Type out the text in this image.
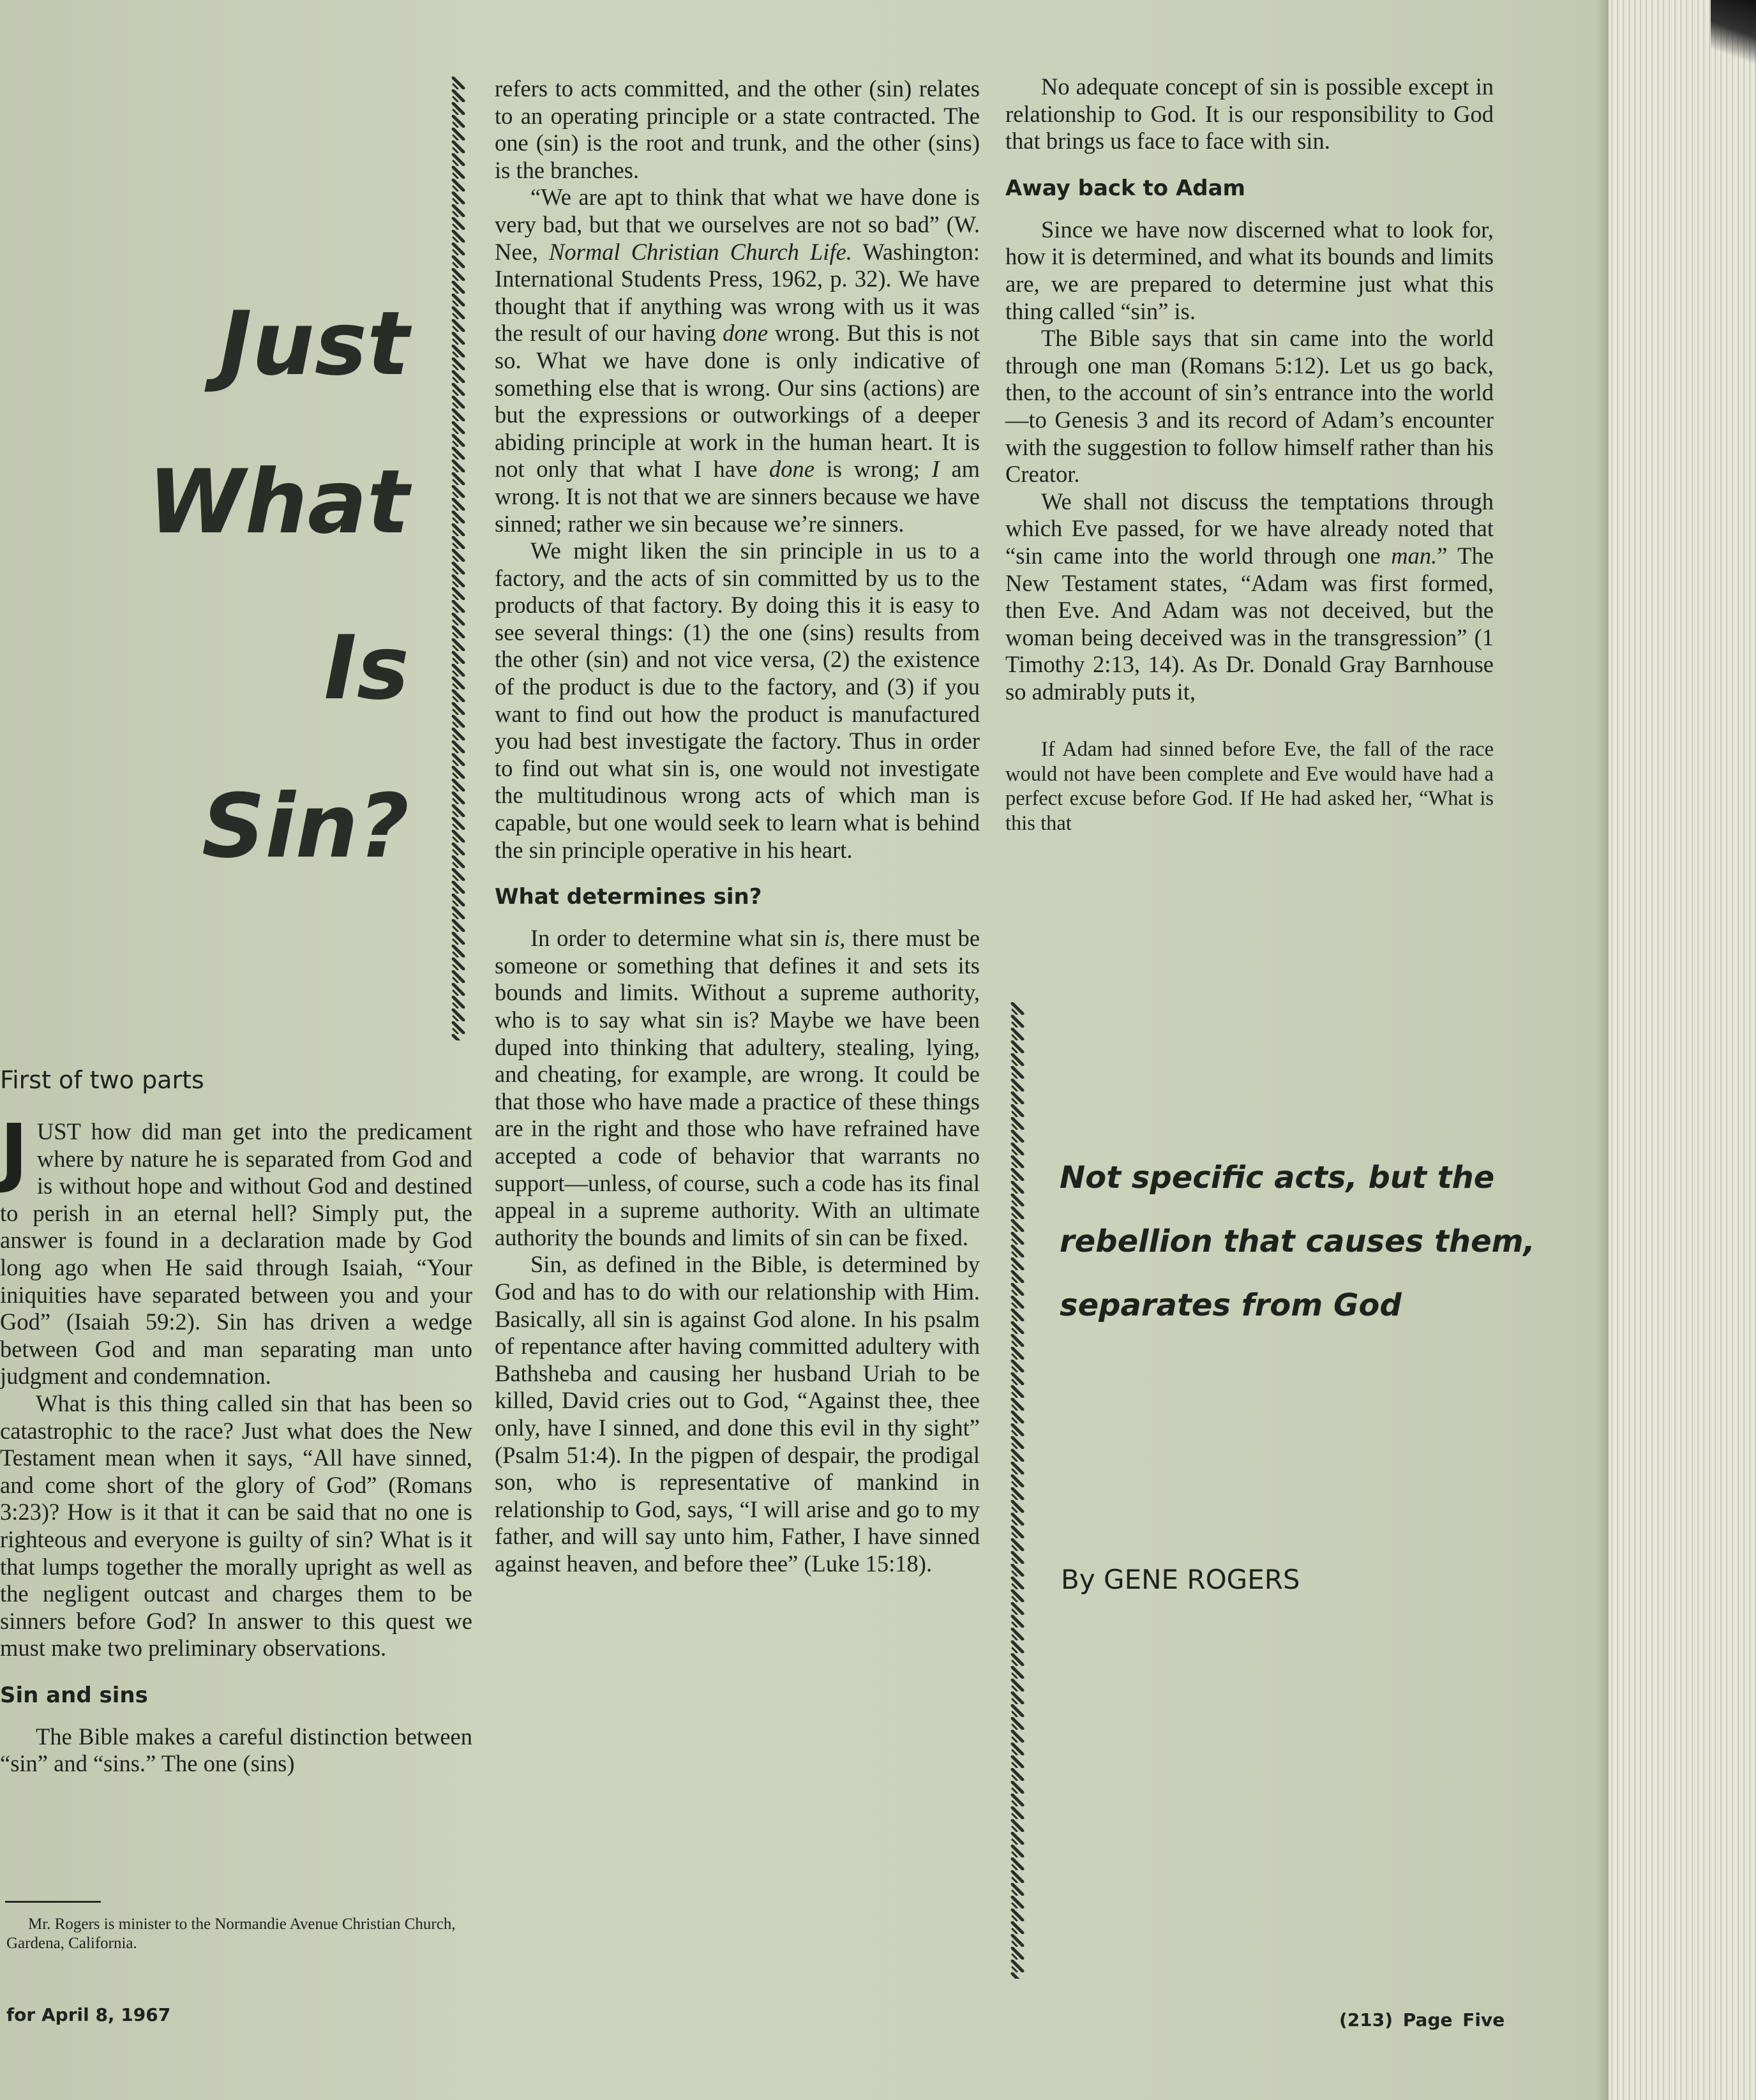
Just
What
Is
Sin?
First of two parts

JUST how did man get into the predicament where by nature he is separated from God and is without hope and without God and destined to perish in an eternal hell? Simply put, the answer is found in a declaration made by God long ago when He said through Isaiah, “Your iniquities have separated between you and your God” (Isaiah 59:2). Sin has driven a wedge between God and man separating man unto judgment and condemnation.

What is this thing called sin that has been so catastrophic to the race? Just what does the New Testament mean when it says, “All have sinned, and come short of the glory of God” (Romans 3:23)? How is it that it can be said that no one is righteous and everyone is guilty of sin? What is it that lumps together the morally upright as well as the negligent outcast and charges them to be sinners before God? In answer to this quest we must make two preliminary observations.

Sin and sins

The Bible makes a careful distinction between “sin” and “sins.” The one (sins)

Mr. Rogers is minister to the Normandie Avenue Christian Church, Gardena, California.

refers to acts committed, and the other (sin) relates to an operating principle or a state contracted. The one (sin) is the root and trunk, and the other (sins) is the branches.

“We are apt to think that what we have done is very bad, but that we ourselves are not so bad” (W. Nee, Normal Christian Church Life. Washington: International Students Press, 1962, p. 32). We have thought that if anything was wrong with us it was the result of our having done wrong. But this is not so. What we have done is only indicative of something else that is wrong. Our sins (actions) are but the expressions or outworkings of a deeper abiding principle at work in the human heart. It is not only that what I have done is wrong; I am wrong. It is not that we are sinners because we have sinned; rather we sin because we’re sinners.

We might liken the sin principle in us to a factory, and the acts of sin committed by us to the products of that factory. By doing this it is easy to see several things: (1) the one (sins) results from the other (sin) and not vice versa, (2) the existence of the product is due to the factory, and (3) if you want to find out how the product is manufactured you had best investigate the factory. Thus in order to find out what sin is, one would not investigate the multitudinous wrong acts of which man is capable, but one would seek to learn what is behind the sin principle operative in his heart.

What determines sin?

In order to determine what sin is, there must be someone or something that defines it and sets its bounds and limits. Without a supreme authority, who is to say what sin is? Maybe we have been duped into thinking that adultery, stealing, lying, and cheating, for example, are wrong. It could be that those who have made a practice of these things are in the right and those who have refrained have accepted a code of behavior that warrants no support—unless, of course, such a code has its final appeal in a supreme authority. With an ultimate authority the bounds and limits of sin can be fixed.

Sin, as defined in the Bible, is determined by God and has to do with our relationship with Him. Basically, all sin is against God alone. In his psalm of repentance after having committed adultery with Bathsheba and causing her husband Uriah to be killed, David cries out to God, “Against thee, thee only, have I sinned, and done this evil in thy sight” (Psalm 51:4). In the pigpen of despair, the prodigal son, who is representative of mankind in relationship to God, says, “I will arise and go to my father, and will say unto him, Father, I have sinned against heaven, and before thee” (Luke 15:18).

No adequate concept of sin is possible except in relationship to God. It is our responsibility to God that brings us face to face with sin.

Away back to Adam

Since we have now discerned what to look for, how it is determined, and what its bounds and limits are, we are prepared to determine just what this thing called “sin” is.

The Bible says that sin came into the world through one man (Romans 5:12). Let us go back, then, to the account of sin’s entrance into the world—to Genesis 3 and its record of Adam’s encounter with the suggestion to follow himself rather than his Creator.

We shall not discuss the temptations through which Eve passed, for we have already noted that “sin came into the world through one man.” The New Testament states, “Adam was first formed, then Eve. And Adam was not deceived, but the woman being deceived was in the transgression” (1 Timothy 2:13, 14). As Dr. Donald Gray Barnhouse so admirably puts it,

If Adam had sinned before Eve, the fall of the race would not have been complete and Eve would have had a perfect excuse before God. If He had asked her, “What is this that

Not specific acts, but the
rebellion that causes them,
separates from God
By GENE ROGERS
for April 8, 1967	(213) Page Five
